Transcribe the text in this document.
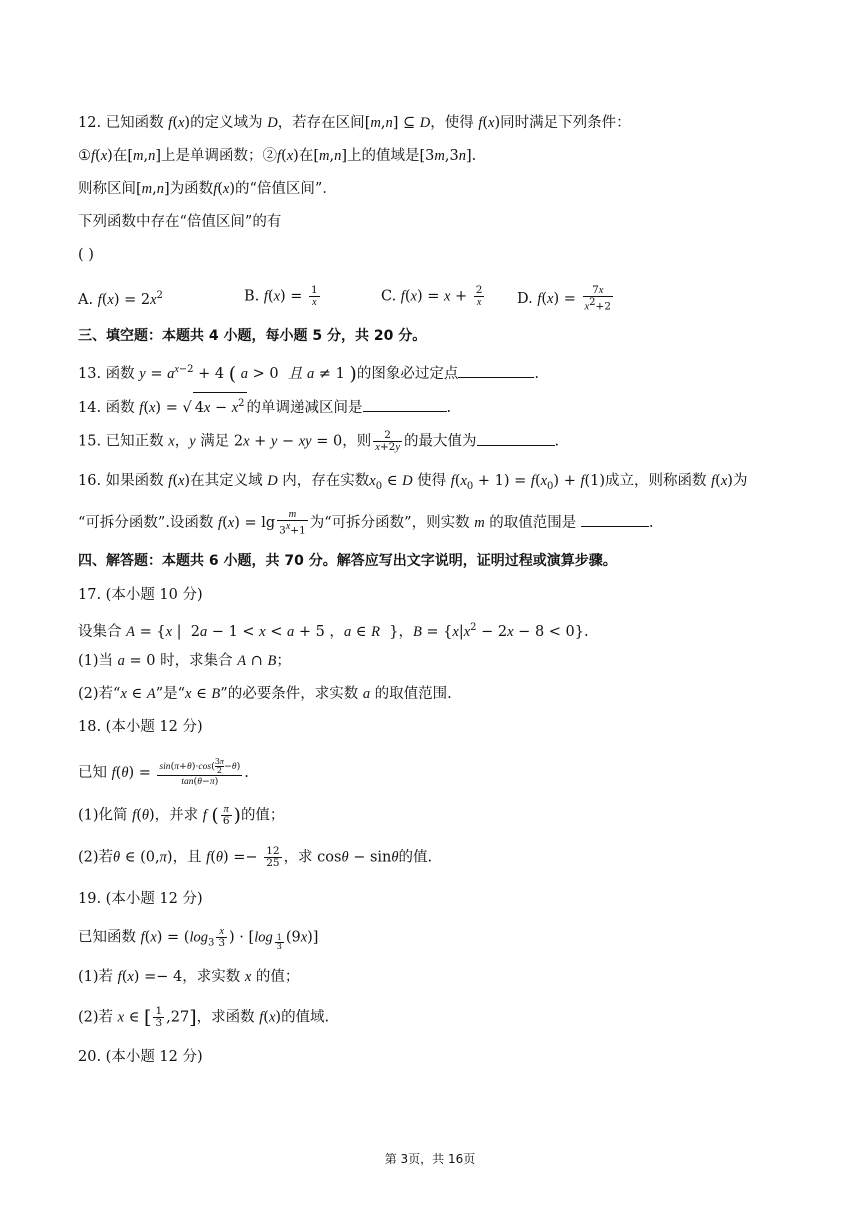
12. 已知函数 f(x)的定义域为 D，若存在区间[m,n] ⊆ D，使得 f(x)同时满足下列条件：
①f(x)在[m,n]上是单调函数；②f(x)在[m,n]上的值域是[3m,3n].
则称区间[m,n]为函数f(x)的“倍值区间”．
下列函数中存在“倍值区间”的有
( )
A. $f(x) = 2x^2$	B. $f(x) = \frac{1}{x}$	C. $f(x) = x + \frac{2}{x} D$. $f(x) = \frac{7x}{x^2+2}$
三、填空题：本题共 4 小题，每小题 5 分，共 20 分。
13. 函数 $y = a^{x-2} + 4$ ( a > 0  且 a ≠ 1 )的图象必过定点	.
14. 函数 f(x) = √ $4x - x^2$ 的单调递减区间是	.
15. 已知正数 x，y 满足 2x + y − xy = 0，则 $\frac{2}{x+2y}$ 的最大值为	.
16. 如果函数 f(x)在其定义域 D 内，存在实数$x_0$ ∈ D 使得 $f(x_0 + 1) = f(x_0) + f(1)$成立，则称函数 f(x)为
“可拆分函数”.设函数 $f(x) = \lg \frac{m}{3^x+1}$ 为“可拆分函数”，则实数 m 的取值范围是	.
四、解答题：本题共 6 小题，共 70 分。解答应写出文字说明，证明过程或演算步骤。
17. (本小题 10 分)
设集合 A = {x |  2a − 1 < x < a + 5 ，a ∈ R  }，$B = \{x|x^2 - 2x - 8 < 0\}$.
(1)当 a = 0 时，求集合 A ∩ B；
(2)若“x ∈ A”是“x ∈ B”的必要条件，求实数 a 的取值范围.
18. (本小题 12 分)
已知 $f(\theta) = \frac{\sin(\pi+\theta)\cdot\cos( \frac{3\pi}{2} -\theta)}{\tan(\theta-\pi)}$ .
(1)化简 f(θ)，并求 f ( $\frac{\pi}{6}$ )的值；
(2)若θ ∈ (0,π)，且 $f(\theta) =- \frac{12}{25}$ ，求 cosθ − sinθ的值.
19. (本小题 12 分)
已知函数 $f(x) = (\log_3 \frac{x}{3}$ ) · [log $_{\frac{1}{3}}$ (9x)]
(1)若 f(x) =− 4，求实数 x 的值；
(2)若 x ∈ [ $\frac{1}{3} ,27$]，求函数 f(x)的值域.
20. (本小题 12 分)
第 3页，共 16页
